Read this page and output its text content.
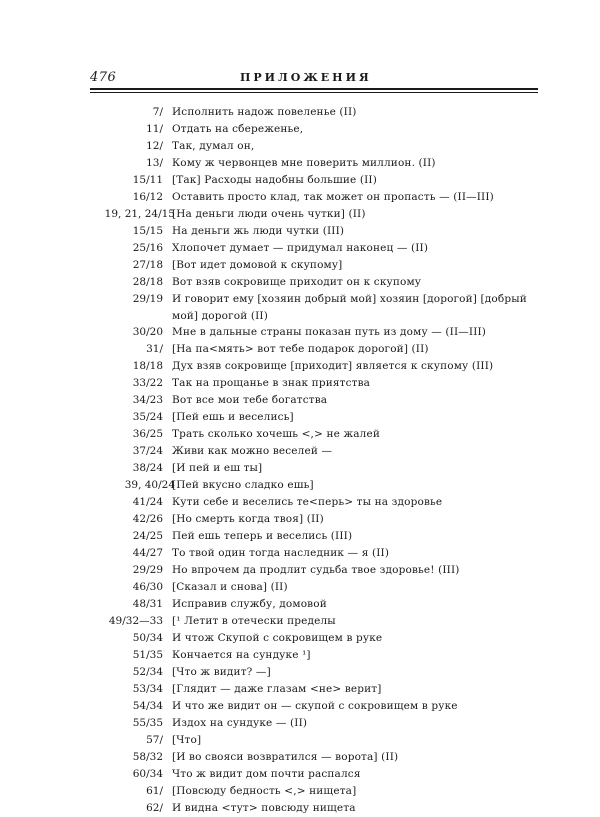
476	ПРИЛОЖЕНИЯ
7/ Исполнить надож повеленье (II)
11/ Отдать на сбереженье,
12/ Так, думал он,
13/ Кому ж червонцев мне поверить миллион. (II)
15/11 [Так] Расходы надобны большие (II)
16/12 Оставить просто клад, так может он пропасть — (II—III)
19, 21, 24/15
[На деньги люди очень чутки] (II)
15/15 На деньги жь люди чутки (III)
25/16 Хлопочет думает — придумал наконец — (II)
27/18 [Вот идет домовой к скупому]
28/18 Вот взяв сокровище приходит он к скупому
29/19 И говорит ему [хозяин добрый мой] хозяин [дорогой] [добрый
мой] дорогой (II)
30/20 Мне в дальные страны показан путь из дому — (II—III)
31/ [На па<мять> вот тебе подарок дорогой] (II)
18/18 Дух взяв сокровище [приходит] является к скупому (III)
33/22 Так на прощанье в знак приятства
34/23 Вот все мои тебе богатства
35/24 [Пей ешь и веселись]
36/25 Трать сколько хочешь <,> не жалей
37/24 Живи как можно веселей —
38/24 [И пей и еш ты]
39, 40/24
[Пей вкусно сладко ешь]
41/24 Кути себе и веселись те<перь> ты на здоровье
42/26 [Но смерть когда твоя] (II)
24/25 Пей ешь теперь и веселись (III)
44/27 То твой один тогда наследник — я (II)
29/29 Но впрочем да продлит судьба твое здоровье! (III)
46/30 [Сказал и снова] (II)
48/31 Исправив службу, домовой
49/32—33 [¹ Летит в отечески пределы
50/34 И чтож Скупой с сокровищем в руке
51/35 Кончается на сундуке ¹]
52/34 [Что ж видит? —]
53/34 [Глядит — даже глазам <не> верит]
54/34 И что же видит он — скупой с сокровищем в руке
55/35 Издох на сундуке — (II)
57/ [Что]
58/32 [И во свояси возвратился — ворота] (II)
60/34 Что ж видит дом почти распался
61/ [Повсюду бедность <,> нищета]
62/ И видна <тут> повсюду нищета
